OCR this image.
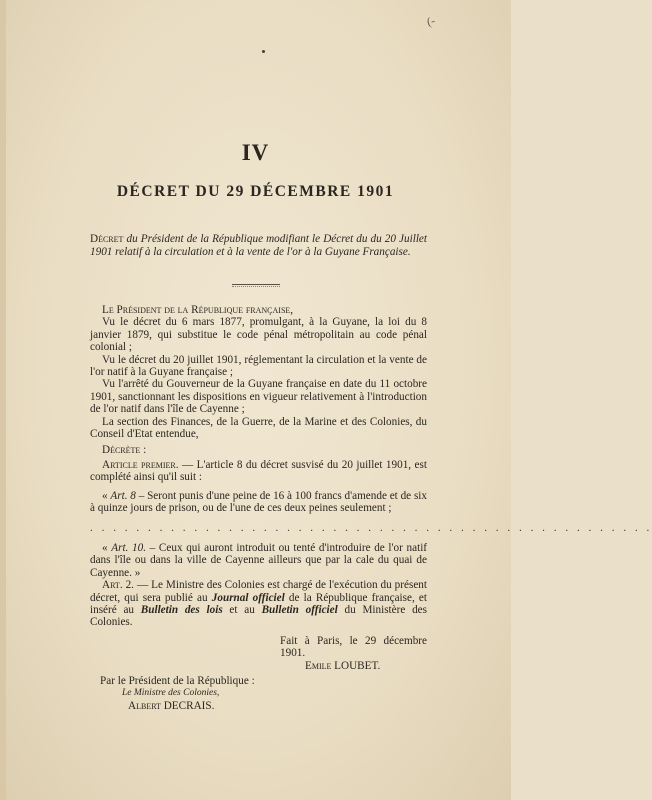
(-
IV
DÉCRET DU 29 DÉCEMBRE 1901
Décret du Président de la République modifiant le Décret du du 20 Juillet 1901 relatif à la circulation et à la vente de l'or à la Guyane Française.

Le Président de la République française,

Vu le décret du 6 mars 1877, promulgant, à la Guyane, la loi du 8 janvier 1879, qui substitue le code pénal métropolitain au code pénal colonial ;

Vu le décret du 20 juillet 1901, réglementant la circulation et la vente de l'or natif à la Guyane française ;

Vu l'arrêté du Gouverneur de la Guyane française en date du 11 octobre 1901, sanctionnant les dispositions en vigueur relativement à l'introduction de l'or natif dans l'île de Cayenne ;

La section des Finances, de la Guerre, de la Marine et des Colonies, du Conseil d'Etat entendue,

Décrète :

Article premier. — L'article 8 du décret susvisé du 20 juillet 1901, est complété ainsi qu'il suit :

« Art. 8 – Seront punis d'une peine de 16 à 100 francs d'amende et de six à quinze jours de prison, ou de l'une de ces deux peines seulement ;

. . . . . . . . . . . . . . . . . . . . . . . . . . . . . . . . . . . . . . . . . . . . . . . . .

« Art. 10. – Ceux qui auront introduit ou tenté d'introduire de l'or natif dans l'île ou dans la ville de Cayenne ailleurs que par la cale du quai de Cayenne. »

Art. 2. — Le Ministre des Colonies est chargé de l'exécution du présent décret, qui sera publié au Journal officiel de la République française, et inséré au Bulletin des lois et au Bulletin officiel du Ministère des Colonies.

Fait à Paris, le 29 décembre 1901.

Emile LOUBET.

Par le Président de la République :

Le Ministre des Colonies,

Albert DECRAIS.
